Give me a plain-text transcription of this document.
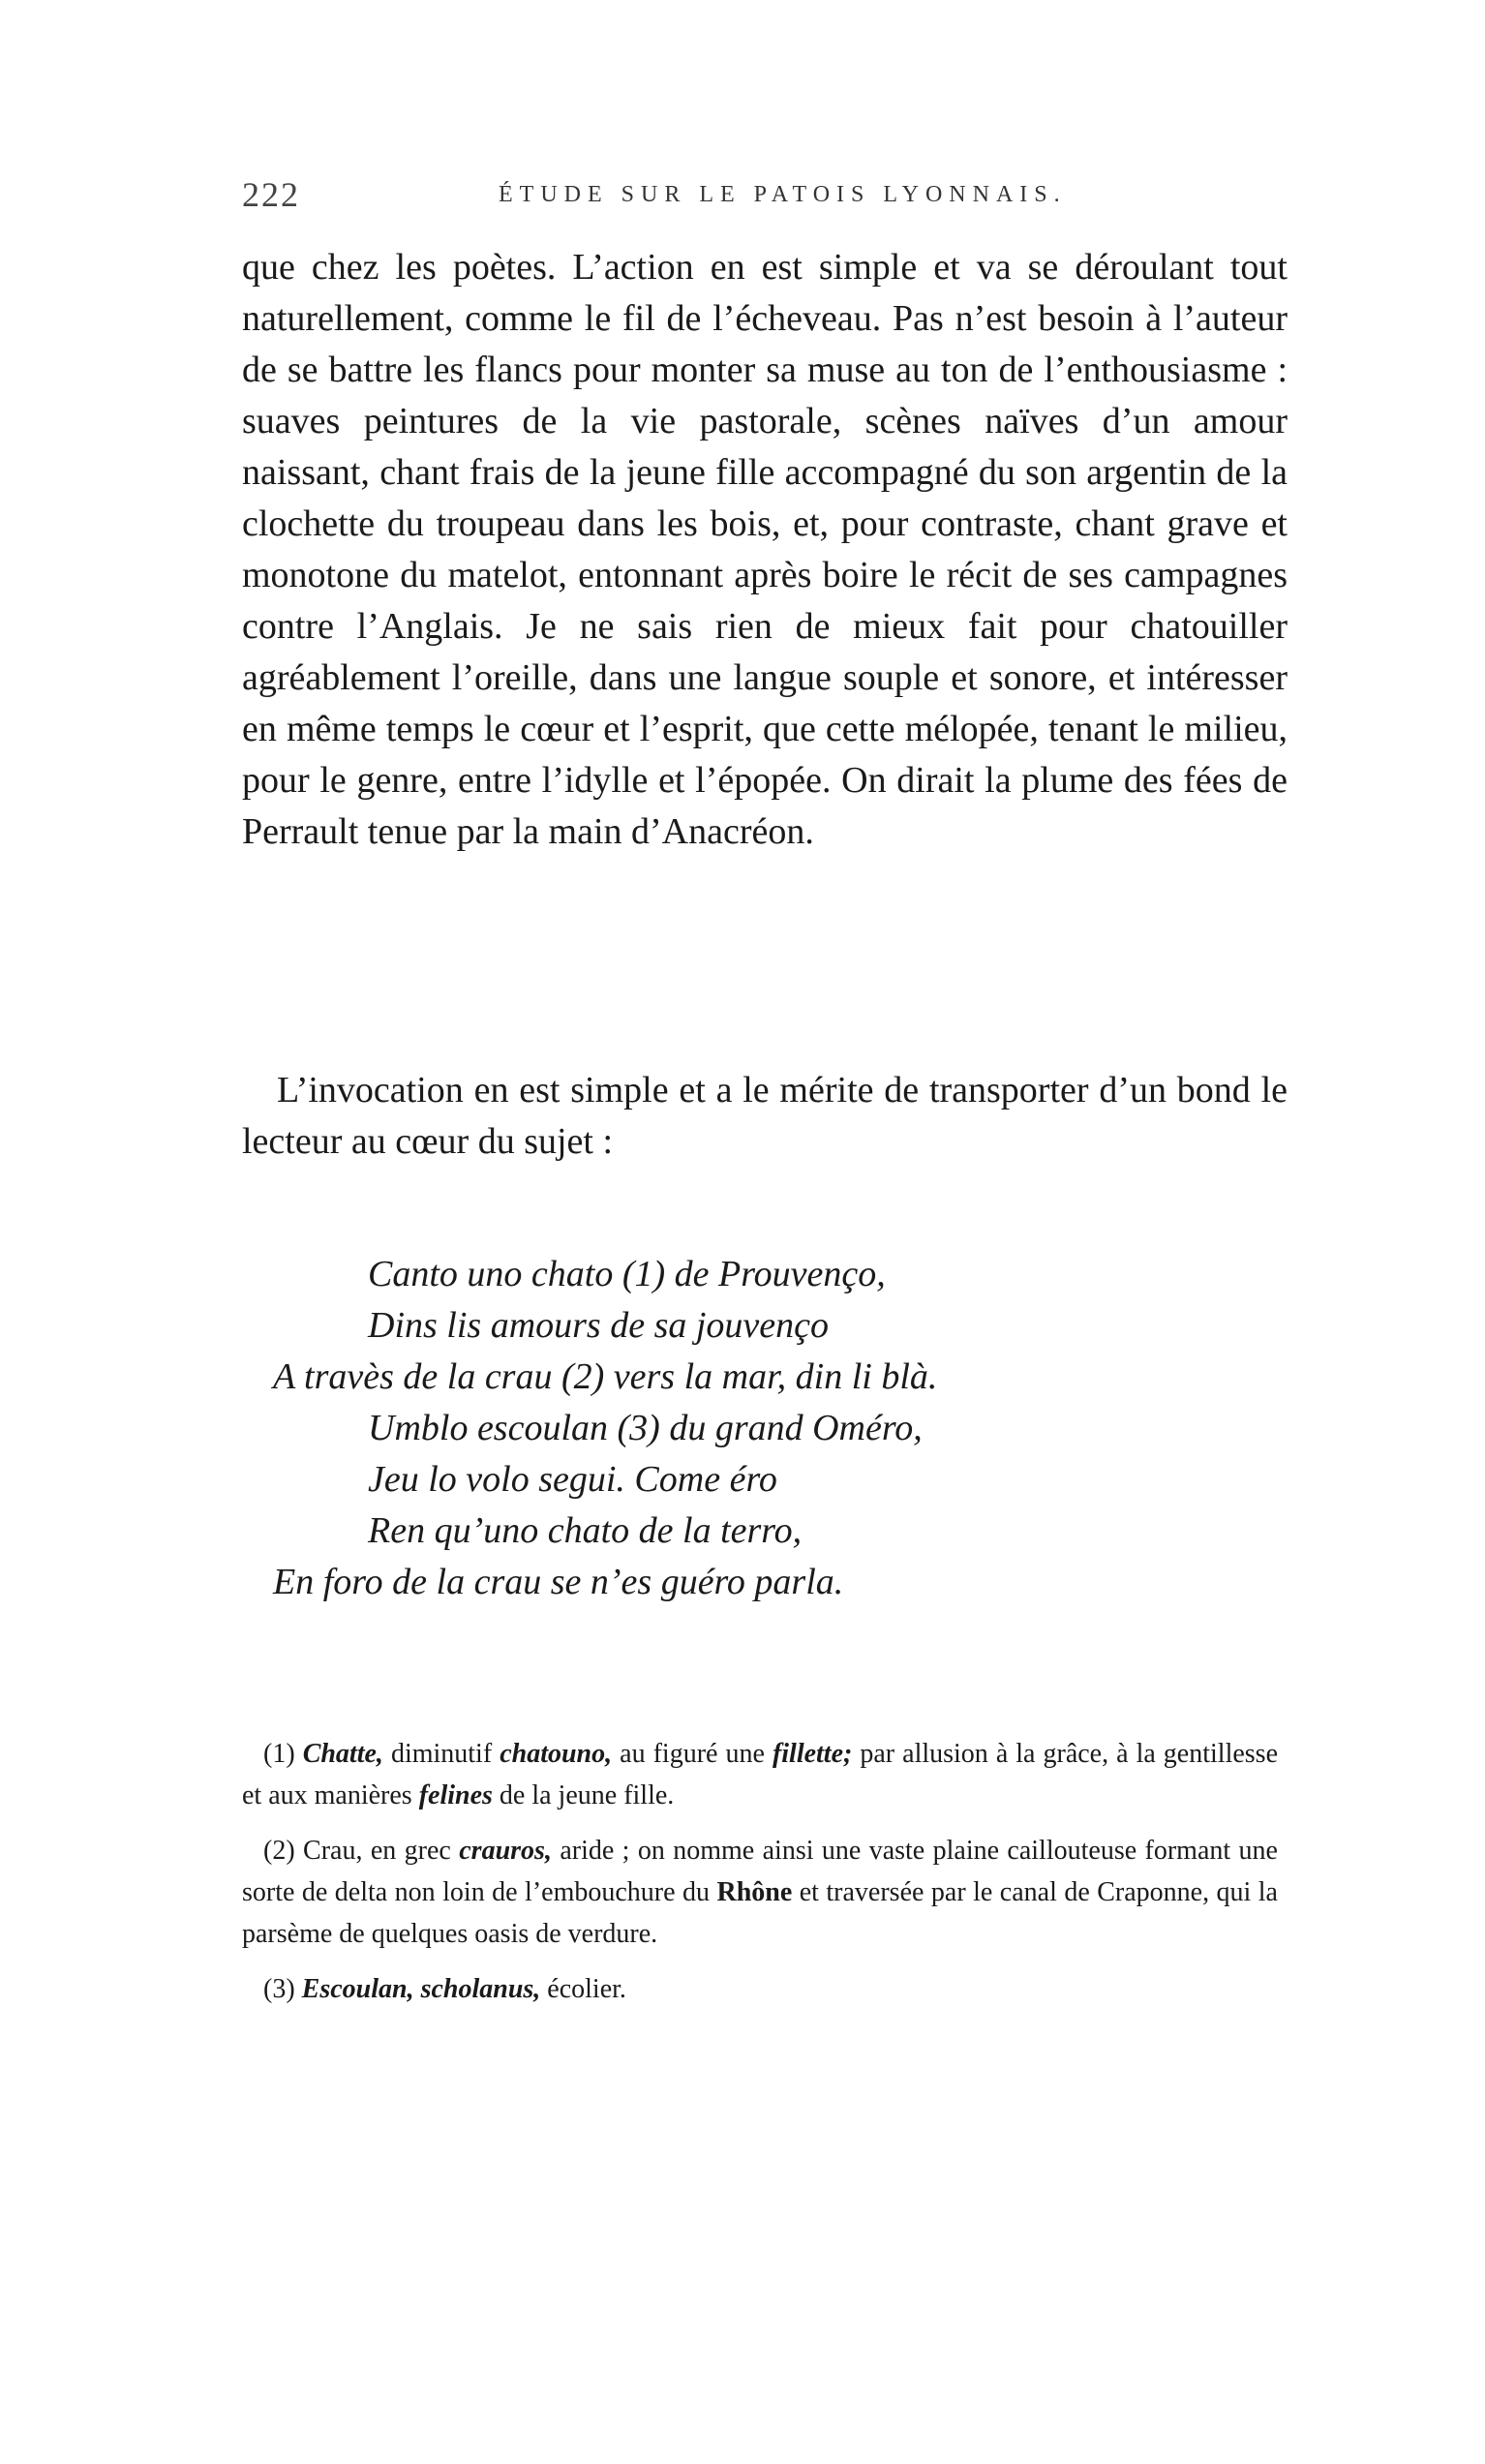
222	ÉTUDE SUR LE PATOIS LYONNAIS.

que chez les poètes. L’action en est simple et va se déroulant tout naturellement, comme le fil de l’écheveau. Pas n’est besoin à l’auteur de se battre les flancs pour monter sa muse au ton de l’enthousiasme : suaves peintures de la vie pastorale, scènes naïves d’un amour naissant, chant frais de la jeune fille accompagné du son argentin de la clochette du troupeau dans les bois, et, pour contraste, chant grave et monotone du matelot, entonnant après boire le récit de ses campagnes contre l’Anglais. Je ne sais rien de mieux fait pour chatouiller agréablement l’oreille, dans une langue souple et sonore, et intéresser en même temps le cœur et l’esprit, que cette mélopée, tenant le milieu, pour le genre, entre l’idylle et l’épopée. On dirait la plume des fées de Perrault tenue par la main d’Anacréon.

L’invocation en est simple et a le mérite de transporter d’un bond le lecteur au cœur du sujet :

Canto uno chato (1) de Prouvenço,
Dins lis amours de sa jouvenço
A travès de la crau (2) vers la mar, din li blà.
Umblo escoulan (3) du grand Oméro,
Jeu lo volo segui. Come éro
Ren qu’uno chato de la terro,
En foro de la crau se n’es guéro parla.

(1) Chatte, diminutif chatouno, au figuré une fillette; par allusion à la grâce, à la gentillesse et aux manières felines de la jeune fille.

(2) Crau, en grec crauros, aride ; on nomme ainsi une vaste plaine caillouteuse formant une sorte de delta non loin de l’embouchure du Rhône et traversée par le canal de Craponne, qui la parsème de quelques oasis de verdure.

(3) Escoulan, scholanus, écolier.
